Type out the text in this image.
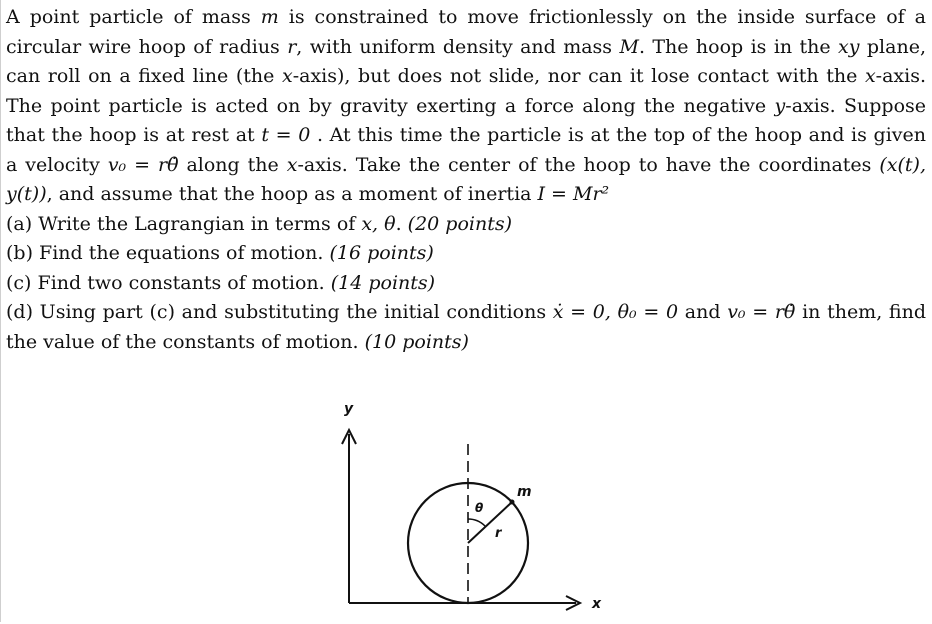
A point particle of mass m is constrained to move frictionlessly on the inside surface of a circular wire hoop of radius r, with uniform density and mass M. The hoop is in the xy plane, can roll on a fixed line (the x-axis), but does not slide, nor can it lose contact with the x-axis. The point particle is acted on by gravity exerting a force along the negative y-axis. Suppose that the hoop is at rest at t = 0 . At this time the particle is at the top of the hoop and is given a velocity v₀ = rθ̇ along the x-axis. Take the center of the hoop to have the coordinates (x(t), y(t)), and assume that the hoop as a moment of inertia I = Mr²

(a) Write the Lagrangian in terms of x, θ. (20 points)

(b) Find the equations of motion. (16 points)

(c) Find two constants of motion. (14 points)

(d) Using part (c) and substituting the initial conditions ẋ = 0, θ₀ = 0 and v₀ = rθ̇ in them, find the value of the constants of motion. (10 points)

y
x
m
r
θ
